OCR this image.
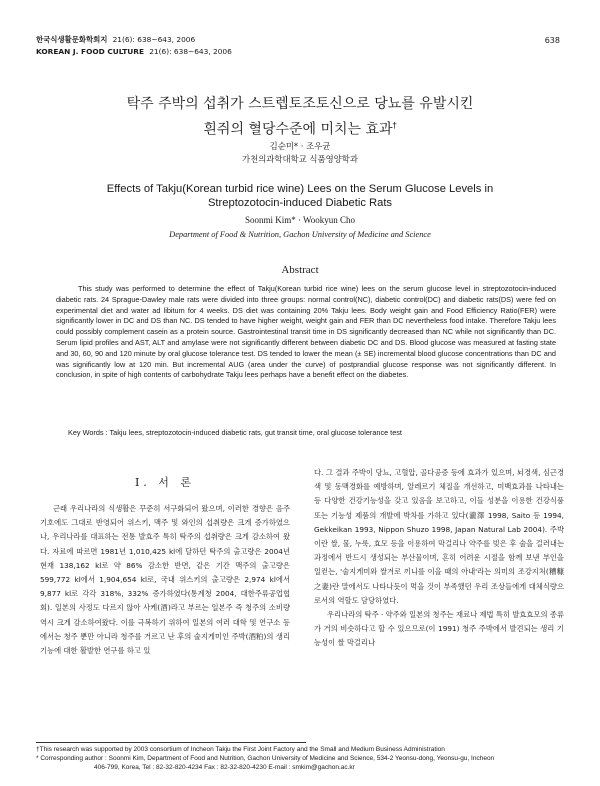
한국식생활문화학회지 21(6): 638~643, 2006
KOREAN J. FOOD CULTURE 21(6): 638~643, 2006
638
탁주 주박의 섭취가 스트렙토조토신으로 당뇨를 유발시킨
흰쥐의 혈당수준에 미치는 효과†
김순미* · 조우균
가천의과학대학교 식품영양학과
Effects of Takju(Korean turbid rice wine) Lees on the Serum Glucose Levels in
Streptozotocin-induced Diabetic Rats
Soonmi Kim* · Wookyun Cho
Department of Food & Nutrition, Gachon University of Medicine and Science
Abstract
This study was performed to determine the effect of Takju(Korean turbid rice wine) lees on the serum glucose level in streptozotocin-induced diabetic rats. 24 Sprague-Dawley male rats were divided into three groups: normal control(NC), diabetic control(DC) and diabetic rats(DS) were fed on experimental diet and water ad libitum for 4 weeks. DS diet was containing 20% Takju lees. Body weight gain and Food Efficiency Ratio(FER) were significantly lower in DC and DS than NC. DS tended to have higher weight, weight gain and FER than DC nevertheless food intake. Therefore Takju lees could possibly complement casein as a protein source. Gastrointestinal transit time in DS significantly decreased than NC while not significantly than DC. Serum lipid profiles and AST, ALT and amylase were not significantly different between diabetic DC and DS. Blood glucose was measured at fasting state and 30, 60, 90 and 120 minute by oral glucose tolerance test. DS tended to lower the mean (± SE) incremental blood glucose concentrations than DC and was significantly low at 120 min. But incremental AUG (area under the curve) of postprandial glucose response was not significantly different. In conclusion, in spite of high contents of carbohydrate Takju lees perhaps have a benefit effect on the diabetes.
Key Words : Takju lees, streptozotocin-induced diabetic rats, gut transit time, oral glucose tolerance test
I. 서 론

근래 우리나라의 식생활은 꾸준히 서구화되어 왔으며, 이러한 경향은 음주기호에도 그대로 반영되어 위스키, 맥주 및 와인의 섭취량은 크게 증가하였으나, 우리나라를 대표하는 전통 발효주 특히 탁주의 섭취량은 크게 감소하여 왔다. 자료에 따르면 1981년 1,010,425 kl에 달하던 탁주의 출고량은 2004년 현재 138,162 kl로 약 86% 감소한 반면, 같은 기간 맥주의 출고량은 599,772 kl에서 1,904,654 kl로, 국내 위스키의 출고량은 2,974 kl에서 9,877 kl로 각각 318%, 332% 증가하였다(통계청 2004, 대한주류공업협회). 일본의 사정도 다르지 않아 사케(酒)라고 부르는 일본주 즉 청주의 소비량 역시 크게 감소하여왔다. 이를 극복하기 위하여 일본의 여러 대학 및 연구소 등에서는 청주 뿐만 아니라 청주를 거르고 난 후의 술지게미인 주박(酒粕)의 생리기능에 대한 활발한 연구를 하고 있

다. 그 결과 주박이 당뇨, 고혈압, 골다공증 등에 효과가 있으며, 뇌경색, 심근경색 및 동맥경화를 예방하며, 알레르기 체질을 개선하고, 미백효과를 나타내는 등 다양한 건강기능성을 갖고 있음을 보고하고, 이들 성분을 이용한 건강식품 또는 기능성 제품의 개발에 박차를 가하고 있다(瀧澤 1998, Saito 등 1994, Gekkeikan 1993, Nippon Shuzo 1998, Japan Natural Lab 2004). 주박이란 쌀, 물, 누룩, 효모 등을 이용하여 막걸리나 약주를 빚은 후 술을 걸러내는 과정에서 반드시 생성되는 부산물이며, 흔히 어려운 시절을 함께 보낸 부인을 일컫는, '술지게미와 쌀겨로 끼니를 이을 때의 아내'라는 의미의 조강지처(糟糠之妻)란 말에서도 나타나듯이 먹을 것이 부족했던 우리 조상들에게 대체식량으로서의 역할도 담당하였다.

우리나라의 탁주 · 약주와 일본의 청주는 재료나 제법 특히 발효효모의 종류가 거의 비슷하다고 할 수 있으므로(이 1991) 청주 주박에서 발견되는 생리 기능성이 쌀 막걸리나

†This research was supported by 2003 consortium of Incheon Takju the First Joint Factory and the Small and Medium Business Administration
* Corresponding author : Soonmi Kim, Department of Food and Nutrition, Gachon University of Medicine and Science, 534-2 Yeonsu-dong, Yeonsu-gu, Incheon
406-799, Korea, Tel : 82-32-820-4234 Fax : 82-32-820-4230 E-mail : smkim@gachon.ac.kr
